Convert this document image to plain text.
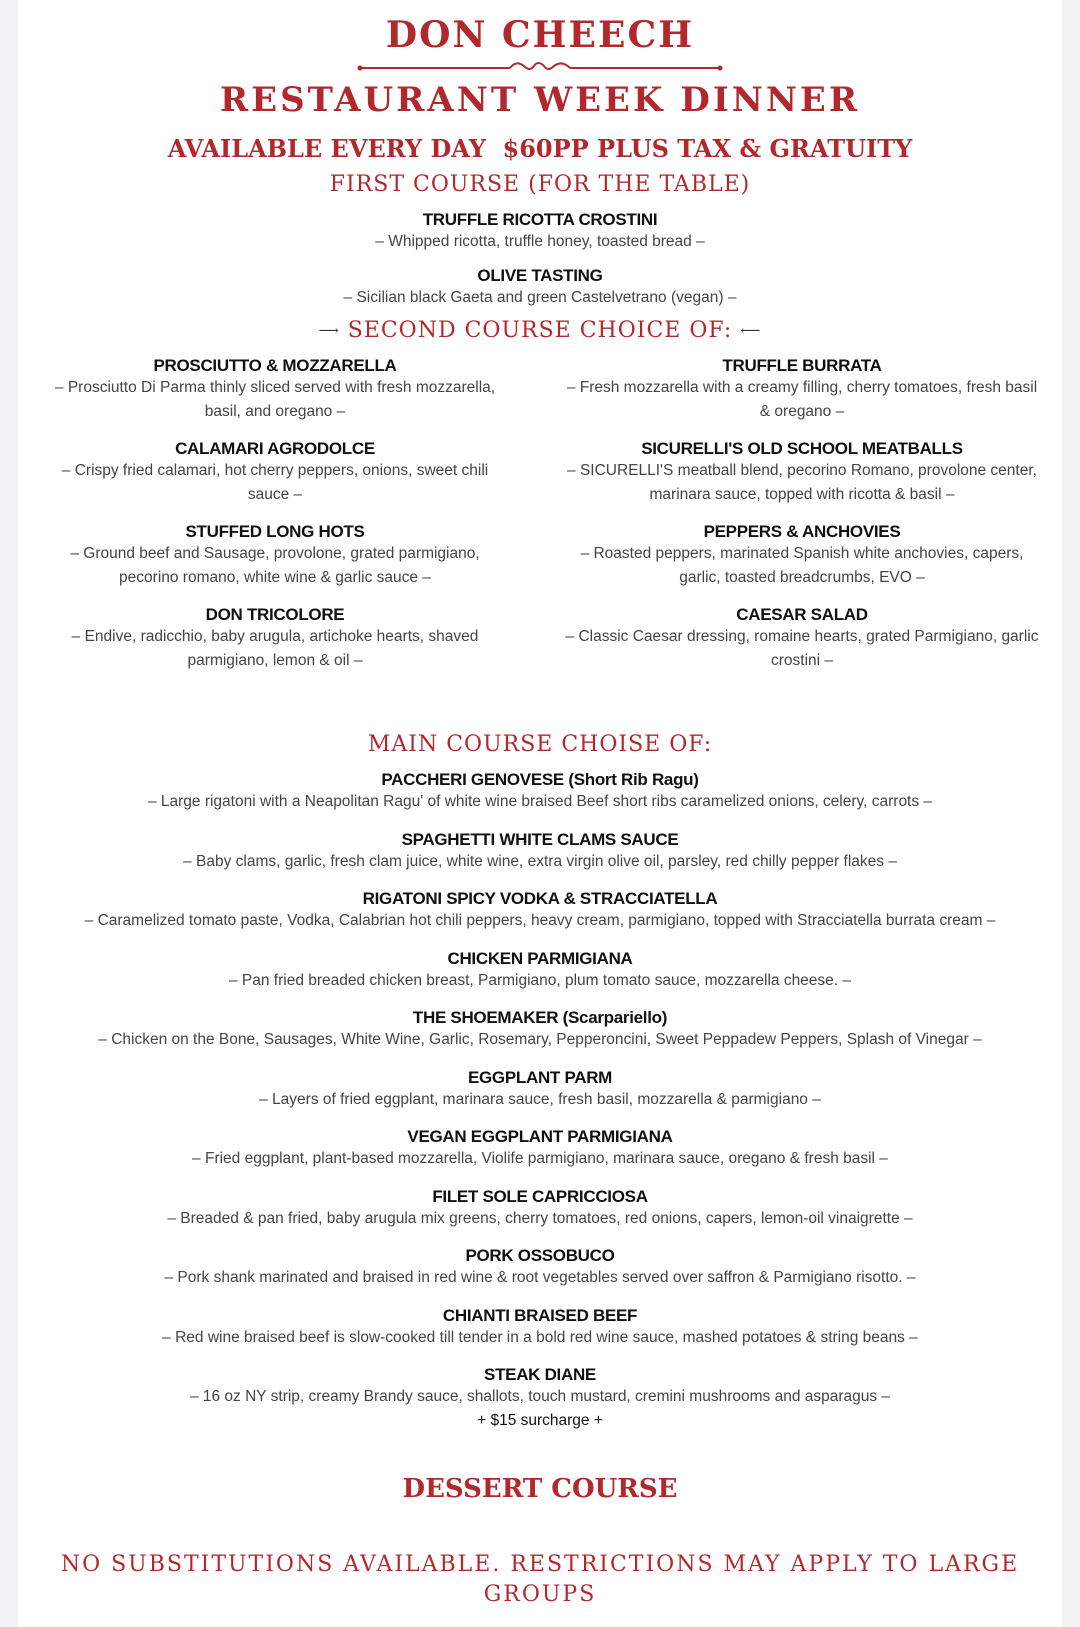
DON CHEECH
RESTAURANT WEEK DINNER
AVAILABLE EVERY DAY  $60PP PLUS TAX & GRATUITY
FIRST COURSE (FOR THE TABLE)
TRUFFLE RICOTTA CROSTINI
– Whipped ricotta, truffle honey, toasted bread –
OLIVE TASTING
– Sicilian black Gaeta and green Castelvetrano (vegan) –
⟶ SECOND COURSE CHOICE OF: ⟵
PROSCIUTTO & MOZZARELLA
– Prosciutto Di Parma thinly sliced served with fresh mozzarella, basil, and oregano –
CALAMARI AGRODOLCE
– Crispy fried calamari, hot cherry peppers, onions, sweet chili sauce –
STUFFED LONG HOTS
– Ground beef and Sausage, provolone, grated parmigiano, pecorino romano, white wine & garlic sauce –
DON TRICOLORE
– Endive, radicchio, baby arugula, artichoke hearts, shaved parmigiano, lemon & oil –
TRUFFLE BURRATA
– Fresh mozzarella with a creamy filling, cherry tomatoes, fresh basil & oregano –
SICURELLI'S OLD SCHOOL MEATBALLS
– SICURELLI'S meatball blend, pecorino Romano, provolone center, marinara sauce, topped with ricotta & basil –
PEPPERS & ANCHOVIES
– Roasted peppers, marinated Spanish white anchovies, capers, garlic, toasted breadcrumbs, EVO –
CAESAR SALAD
– Classic Caesar dressing, romaine hearts, grated Parmigiano, garlic crostini –
MAIN COURSE CHOISE OF:
PACCHERI GENOVESE (Short Rib Ragu)
– Large rigatoni with a Neapolitan Ragu' of white wine braised Beef short ribs caramelized onions, celery, carrots –
SPAGHETTI WHITE CLAMS SAUCE
– Baby clams, garlic, fresh clam juice, white wine, extra virgin olive oil, parsley, red chilly pepper flakes –
RIGATONI SPICY VODKA & STRACCIATELLA
– Caramelized tomato paste, Vodka, Calabrian hot chili peppers, heavy cream, parmigiano, topped with Stracciatella burrata cream –
CHICKEN PARMIGIANA
– Pan fried breaded chicken breast, Parmigiano, plum tomato sauce, mozzarella cheese. –
THE SHOEMAKER (Scarpariello)
– Chicken on the Bone, Sausages, White Wine, Garlic, Rosemary, Pepperoncini, Sweet Peppadew Peppers, Splash of Vinegar –
EGGPLANT PARM
– Layers of fried eggplant, marinara sauce, fresh basil, mozzarella & parmigiano –
VEGAN EGGPLANT PARMIGIANA
– Fried eggplant, plant-based mozzarella, Violife parmigiano, marinara sauce, oregano & fresh basil –
FILET SOLE CAPRICCIOSA
– Breaded & pan fried, baby arugula mix greens, cherry tomatoes, red onions, capers, lemon-oil vinaigrette –
PORK OSSOBUCO
– Pork shank marinated and braised in red wine & root vegetables served over saffron & Parmigiano risotto. –
CHIANTI BRAISED BEEF
– Red wine braised beef is slow-cooked till tender in a bold red wine sauce, mashed potatoes & string beans –
STEAK DIANE
– 16 oz NY strip, creamy Brandy sauce, shallots, touch mustard, cremini mushrooms and asparagus –
+ $15 surcharge +
DESSERT COURSE
NO SUBSTITUTIONS AVAILABLE. RESTRICTIONS MAY APPLY TO LARGE GROUPS
